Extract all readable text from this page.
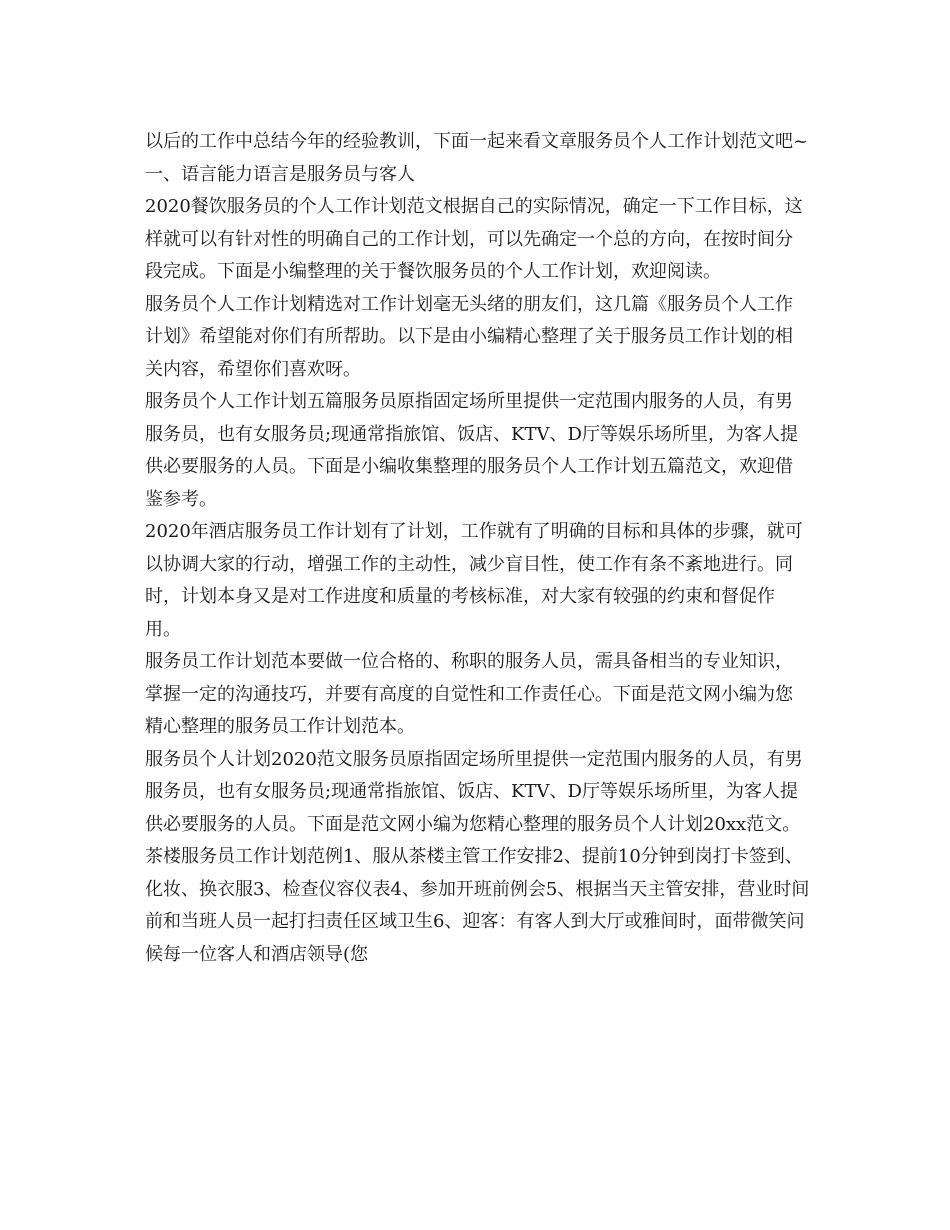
以后的工作中总结今年的经验教训，下面一起来看文章服务员个人工作计划范文吧~一、语言能力语言是服务员与客人

2020餐饮服务员的个人工作计划范文根据自己的实际情况，确定一下工作目标，这样就可以有针对性的明确自己的工作计划，可以先确定一个总的方向，在按时间分段完成。下面是小编整理的关于餐饮服务员的个人工作计划，欢迎阅读。

服务员个人工作计划精选对工作计划毫无头绪的朋友们，这几篇《服务员个人工作计划》希望能对你们有所帮助。以下是由小编精心整理了关于服务员工作计划的相关内容，希望你们喜欢呀。

服务员个人工作计划五篇服务员原指固定场所里提供一定范围内服务的人员，有男服务员，也有女服务员;现通常指旅馆、饭店、KTV、D厅等娱乐场所里，为客人提供必要服务的人员。下面是小编收集整理的服务员个人工作计划五篇范文，欢迎借鉴参考。

2020年酒店服务员工作计划有了计划，工作就有了明确的目标和具体的步骤，就可以协调大家的行动，增强工作的主动性，减少盲目性，使工作有条不紊地进行。同时，计划本身又是对工作进度和质量的考核标准，对大家有较强的约束和督促作用。

服务员工作计划范本要做一位合格的、称职的服务人员，需具备相当的专业知识，掌握一定的沟通技巧，并要有高度的自觉性和工作责任心。下面是范文网小编为您精心整理的服务员工作计划范本。

服务员个人计划2020范文服务员原指固定场所里提供一定范围内服务的人员，有男服务员，也有女服务员;现通常指旅馆、饭店、KTV、D厅等娱乐场所里，为客人提供必要服务的人员。下面是范文网小编为您精心整理的服务员个人计划20xx范文。

茶楼服务员工作计划范例1、服从茶楼主管工作安排2、提前10分钟到岗打卡签到、化妆、换衣服3、检查仪容仪表4、参加开班前例会5、根据当天主管安排，营业时间前和当班人员一起打扫责任区域卫生6、迎客：有客人到大厅或雅间时，面带微笑问候每一位客人和酒店领导(您
